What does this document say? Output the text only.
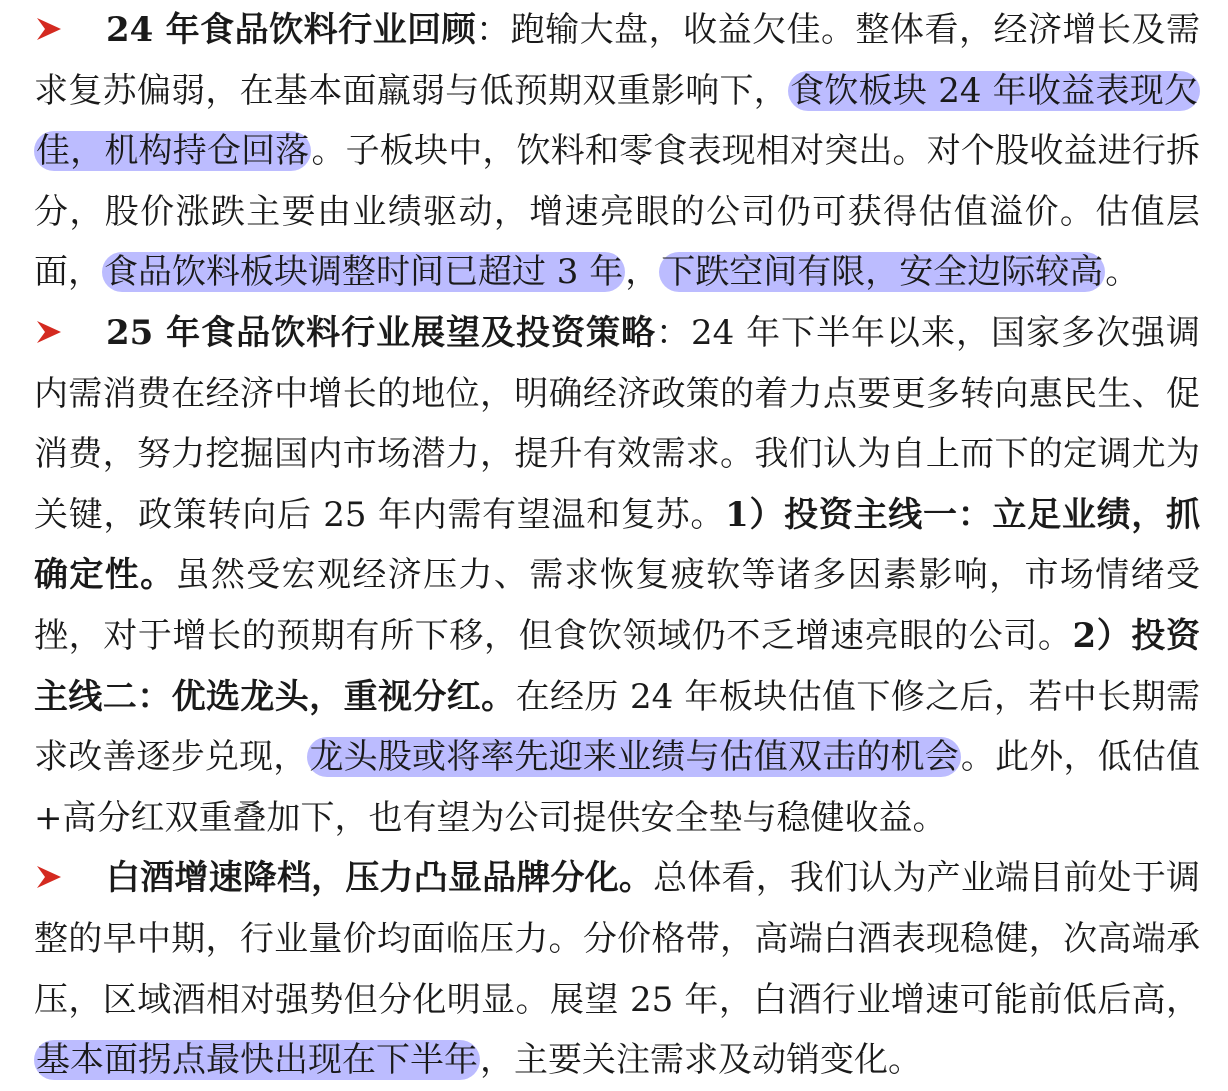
24 年食品饮料行业回顾：跑输大盘，收益欠佳。整体看，经济增长及需求复苏偏弱，在基本面羸弱与低预期双重影响下，食饮板块 24 年收益表现欠佳，机构持仓回落。子板块中，饮料和零食表现相对突出。对个股收益进行拆分，股价涨跌主要由业绩驱动，增速亮眼的公司仍可获得估值溢价。估值层面，食品饮料板块调整时间已超过 3 年，下跌空间有限，安全边际较高。

25 年食品饮料行业展望及投资策略：24 年下半年以来，国家多次强调内需消费在经济中增长的地位，明确经济政策的着力点要更多转向惠民生、促消费，努力挖掘国内市场潜力，提升有效需求。我们认为自上而下的定调尤为关键，政策转向后 25 年内需有望温和复苏。1）投资主线一：立足业绩，抓确定性。虽然受宏观经济压力、需求恢复疲软等诸多因素影响，市场情绪受挫，对于增长的预期有所下移，但食饮领域仍不乏增速亮眼的公司。2）投资主线二：优选龙头，重视分红。在经历 24 年板块估值下修之后，若中长期需求改善逐步兑现，龙头股或将率先迎来业绩与估值双击的机会。此外，低估值+高分红双重叠加下，也有望为公司提供安全垫与稳健收益。

白酒增速降档，压力凸显品牌分化。总体看，我们认为产业端目前处于调整的早中期，行业量价均面临压力。分价格带，高端白酒表现稳健，次高端承压，区域酒相对强势但分化明显。展望 25 年，白酒行业增速可能前低后高，基本面拐点最快出现在下半年，主要关注需求及动销变化。
